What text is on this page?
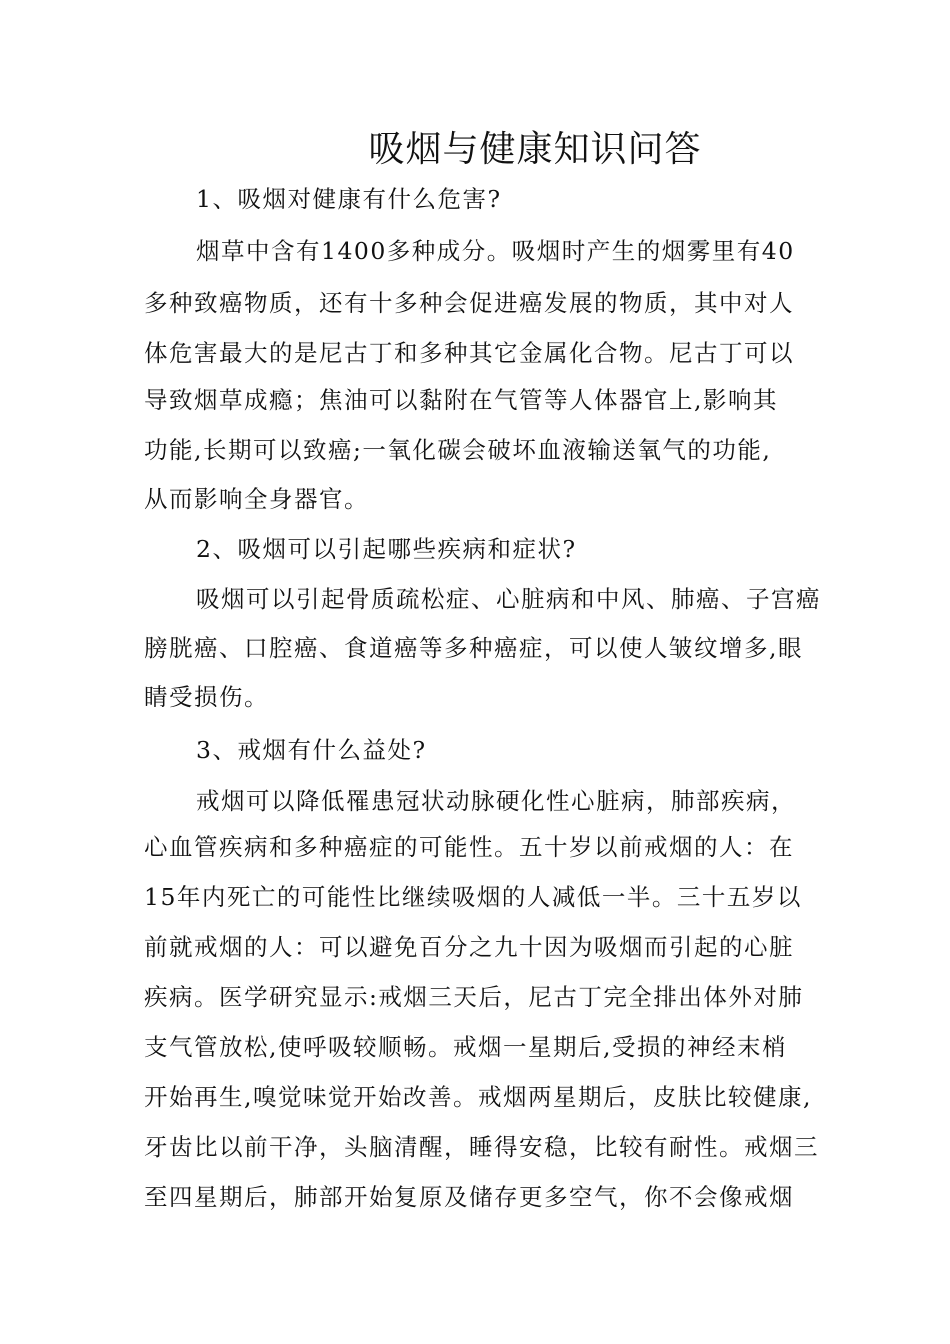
吸烟与健康知识问答
1、吸烟对健康有什么危害?
烟草中含有1400多种成分。吸烟时产生的烟雾里有40
多种致癌物质，还有十多种会促进癌发展的物质，其中对人
体危害最大的是尼古丁和多种其它金属化合物。尼古丁可以
导致烟草成瘾；焦油可以黏附在气管等人体器官上,影响其
功能,长期可以致癌;一氧化碳会破坏血液输送氧气的功能,
从而影响全身器官。
2、吸烟可以引起哪些疾病和症状?
吸烟可以引起骨质疏松症、心脏病和中风、肺癌、子宫癌
膀胱癌、口腔癌、食道癌等多种癌症，可以使人皱纹增多,眼
睛受损伤。
3、戒烟有什么益处?
戒烟可以降低罹患冠状动脉硬化性心脏病，肺部疾病，
心血管疾病和多种癌症的可能性。五十岁以前戒烟的人：在
15年内死亡的可能性比继续吸烟的人减低一半。三十五岁以
前就戒烟的人：可以避免百分之九十因为吸烟而引起的心脏
疾病。医学研究显示:戒烟三天后，尼古丁完全排出体外对肺
支气管放松,使呼吸较顺畅。戒烟一星期后,受损的神经末梢
开始再生,嗅觉味觉开始改善。戒烟两星期后，皮肤比较健康,
牙齿比以前干净，头脑清醒，睡得安稳，比较有耐性。戒烟三
至四星期后，肺部开始复原及储存更多空气，你不会像戒烟
